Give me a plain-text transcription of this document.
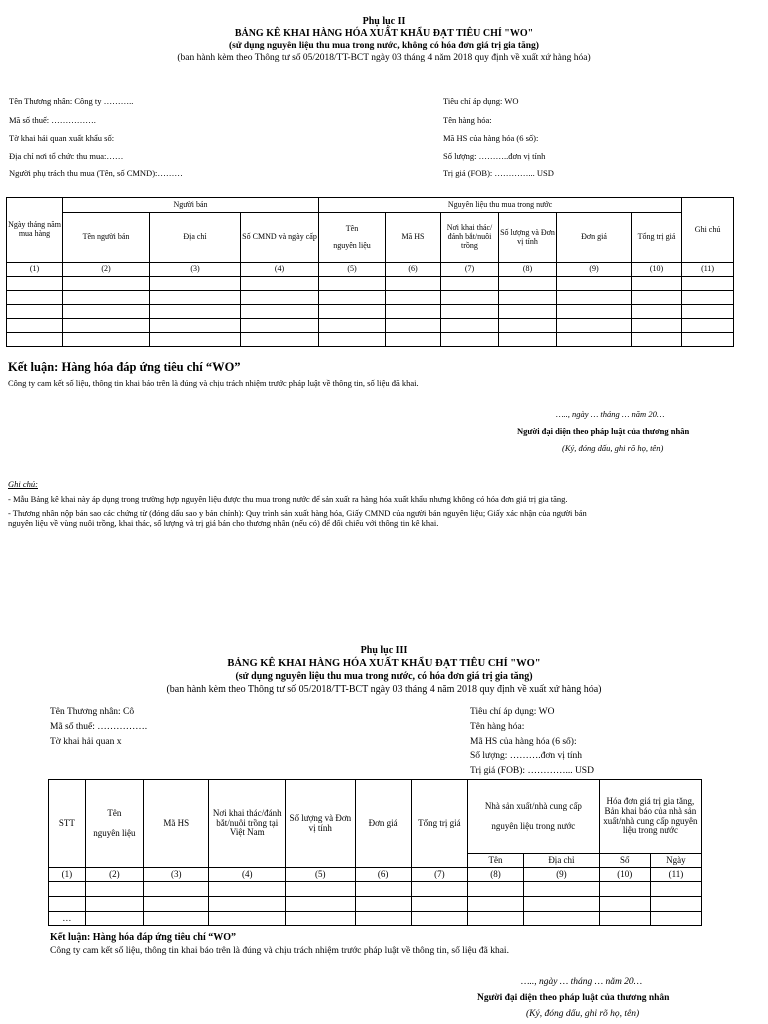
Phụ lục II
BẢNG KÊ KHAI HÀNG HÓA XUẤT KHẨU ĐẠT TIÊU CHÍ "WO"
(sử dụng nguyên liệu thu mua trong nước, không có hóa đơn giá trị gia tăng)
(ban hành kèm theo Thông tư số 05/2018/TT-BCT ngày 03 tháng 4 năm 2018 quy định về xuất xứ hàng hóa)
Tên Thương nhân: Công ty ………..
Mã số thuế: …………….
Tờ khai hải quan xuất khẩu số:
Địa chỉ nơi tổ chức thu mua:……
Người phụ trách thu mua (Tên, số CMND):………
Tiêu chí áp dụng: WO
Tên hàng hóa:
Mã HS của hàng hóa (6 số):
Số lượng: ………..đơn vị tính
Trị giá (FOB): …………... USD
Ngày tháng năm mua hàng	Người bán			Nguyên liệu thu mua trong nước						Ghi chú
	Tên người bán	Địa chỉ	Số CMND và ngày cấp	Tên
nguyên liệu	Mã HS	Nơi khai thác/đánh bắt/nuôi trồng	Số lượng và Đơn vị tính	Đơn giá	Tổng trị giá	
(1)	(2)	(3)	(4)	(5)	(6)	(7)	(8)	(9)	(10)	(11)

Kết luận: Hàng hóa đáp ứng tiêu chí “WO”
Công ty cam kết số liệu, thông tin khai báo trên là đúng và chịu trách nhiệm trước pháp luật về thông tin, số liệu đã khai.
….., ngày … tháng … năm 20…
Người đại diện theo pháp luật của thương nhân
(Ký, đóng dấu, ghi rõ họ, tên)
Ghi chú:
- Mẫu Bảng kê khai này áp dụng trong trường hợp nguyên liệu được thu mua trong nước để sản xuất ra hàng hóa xuất khẩu nhưng không có hóa đơn giá trị gia tăng.
- Thương nhân nộp bản sao các chứng từ (đóng dấu sao y bản chính): Quy trình sản xuất hàng hóa, Giấy CMND của người bán nguyên liệu; Giấy xác nhận của người bán
nguyên liệu về vùng nuôi trồng, khai thác, số lượng và trị giá bán cho thương nhân (nếu có) để đối chiếu với thông tin kê khai.
Phụ lục III
BẢNG KÊ KHAI HÀNG HÓA XUẤT KHẨU ĐẠT TIÊU CHÍ "WO"
(sử dụng nguyên liệu thu mua trong nước, có hóa đơn giá trị gia tăng)
(ban hành kèm theo Thông tư số 05/2018/TT-BCT ngày 03 tháng 4 năm 2018 quy định về xuất xứ hàng hóa)
Tên Thương nhân: Cô
Mã số thuế: …………….
Tờ khai hải quan x
Tiêu chí áp dụng: WO
Tên hàng hóa:
Mã HS của hàng hóa (6 số):
Số lượng: ……….đơn vị tính
Trị giá (FOB): …………... USD
STT	Tên
nguyên liệu	Mã HS	Nơi khai thác/đánh bắt/nuôi trồng tại Việt Nam	Số lượng và Đơn vị tính	Đơn giá	Tổng trị giá	Nhà sản xuất/nhà cung cấp
nguyên liệu trong nước		Hóa đơn giá trị gia tăng, Bản khai báo của nhà sản xuất/nhà cung cấp nguyên liệu trong nước	
							Tên	Địa chỉ	Số	Ngày
(1)	(2)	(3)	(4)	(5)	(6)	(7)	(8)	(9)	(10)	(11)

…										
Kết luận: Hàng hóa đáp ứng tiêu chí “WO”
Công ty cam kết số liệu, thông tin khai báo trên là đúng và chịu trách nhiệm trước pháp luật về thông tin, số liệu đã khai.
….., ngày … tháng … năm 20…
Người đại diện theo pháp luật của thương nhân
(Ký, đóng dấu, ghi rõ họ, tên)
